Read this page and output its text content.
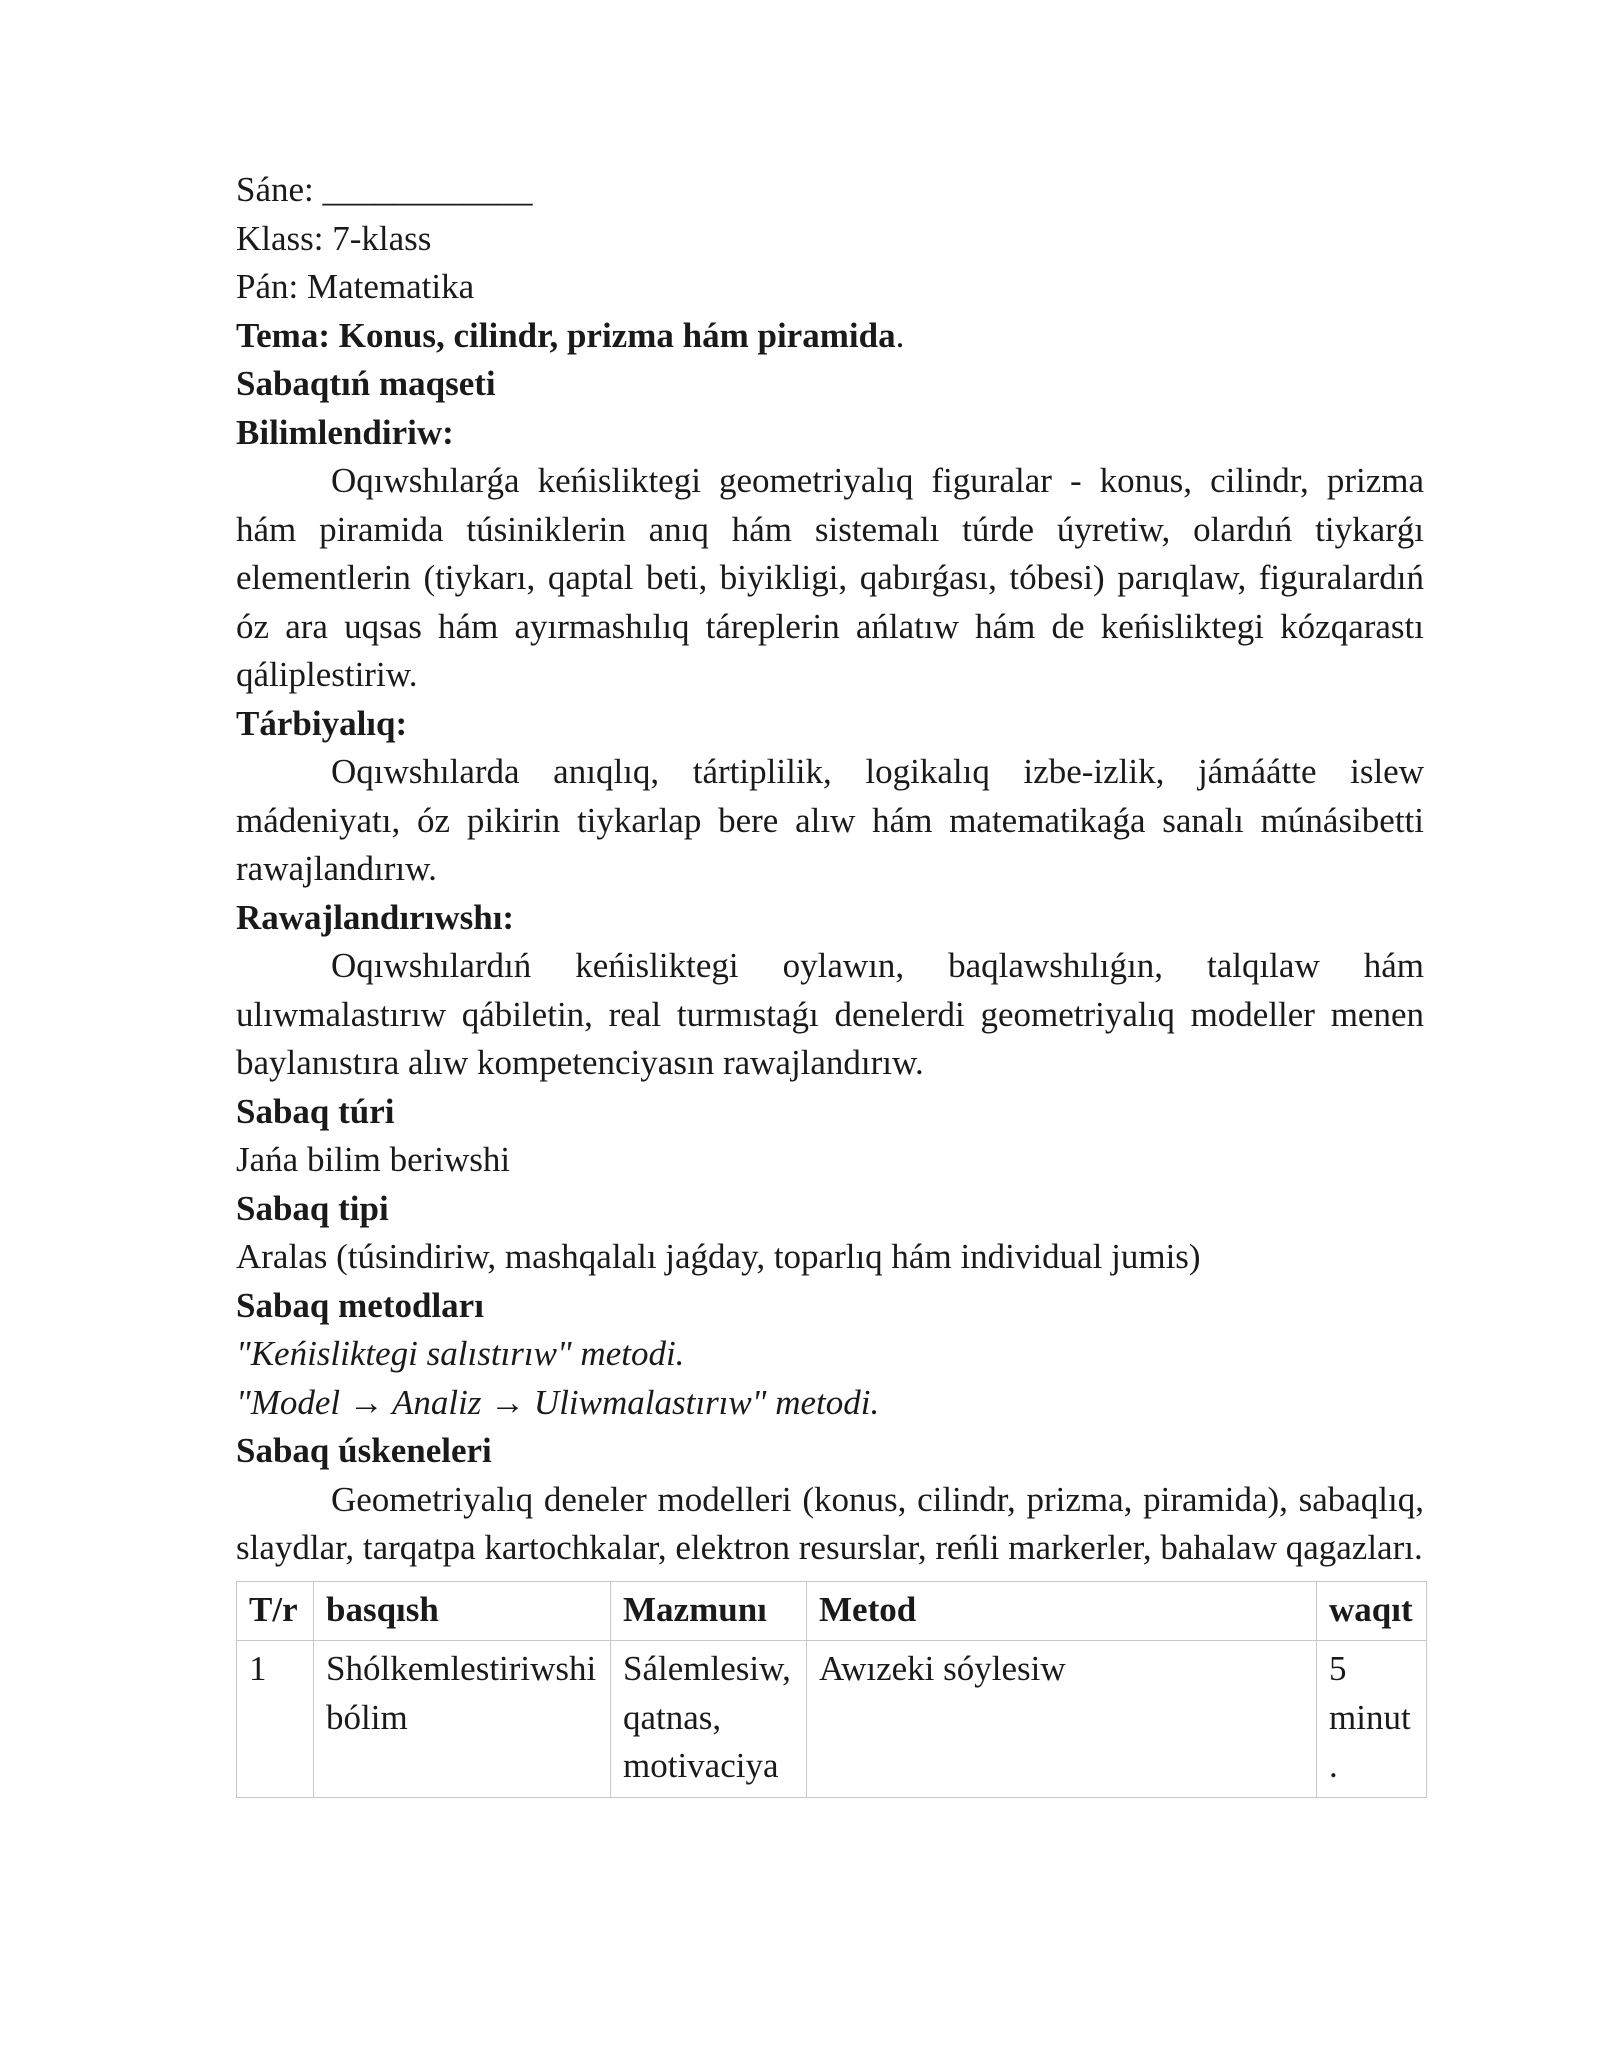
Sáne: ____________
Klass: 7-klass
Pán: Matematika
Tema: Konus, cilindr, prizma hám piramida.
Sabaqtıń maqseti
Bilimlendiriw:
Oqıwshılarǵa keńisliktegi geometriyalıq figuralar - konus, cilindr, prizma hám piramida túsiniklerin anıq hám sistemalı túrde úyretiw, olardıń tiykarǵı elementlerin (tiykarı, qaptal beti, biyikligi, qabırǵası, tóbesi) parıqlaw, figuralardıń óz ara uqsas hám ayırmashılıq táreplerin ańlatıw hám de keńisliktegi kózqarastı qáliplestiriw.
Tárbiyalıq:
Oqıwshılarda anıqlıq, tártiplilik, logikalıq izbe-izlik, jámáátte islew mádeniyatı, óz pikirin tiykarlap bere alıw hám matematikaǵa sanalı múnásibetti rawajlandırıw.
Rawajlandırıwshı:
Oqıwshılardıń keńisliktegi oylawın, baqlawshılıǵın, talqılaw hám ulıwmalastırıw qábiletin, real turmıstaǵı denelerdi geometriyalıq modeller menen baylanıstıra alıw kompetenciyasın rawajlandırıw.
Sabaq túri
Jańa bilim beriwshi
Sabaq tipi
Aralas (túsindiriw, mashqalalı jaǵday, toparlıq hám individual jumis)
Sabaq metodları
"Keńisliktegi salıstırıw" metodi.
"Model → Analiz → Uliwmalastırıw" metodi.
Sabaq úskeneleri
Geometriyalıq deneler modelleri (konus, cilindr, prizma, piramida), sabaqlıq, slaydlar, tarqatpa kartochkalar, elektron resurslar, reńli markerler, bahalaw qagazları.
T/r	basqısh	Mazmunı	Metod	waqıt
1	Shólkemlestiriwshi bólim	Sálemlesiw, qatnas, motivaciya	Awızeki sóylesiw	5 minut.
